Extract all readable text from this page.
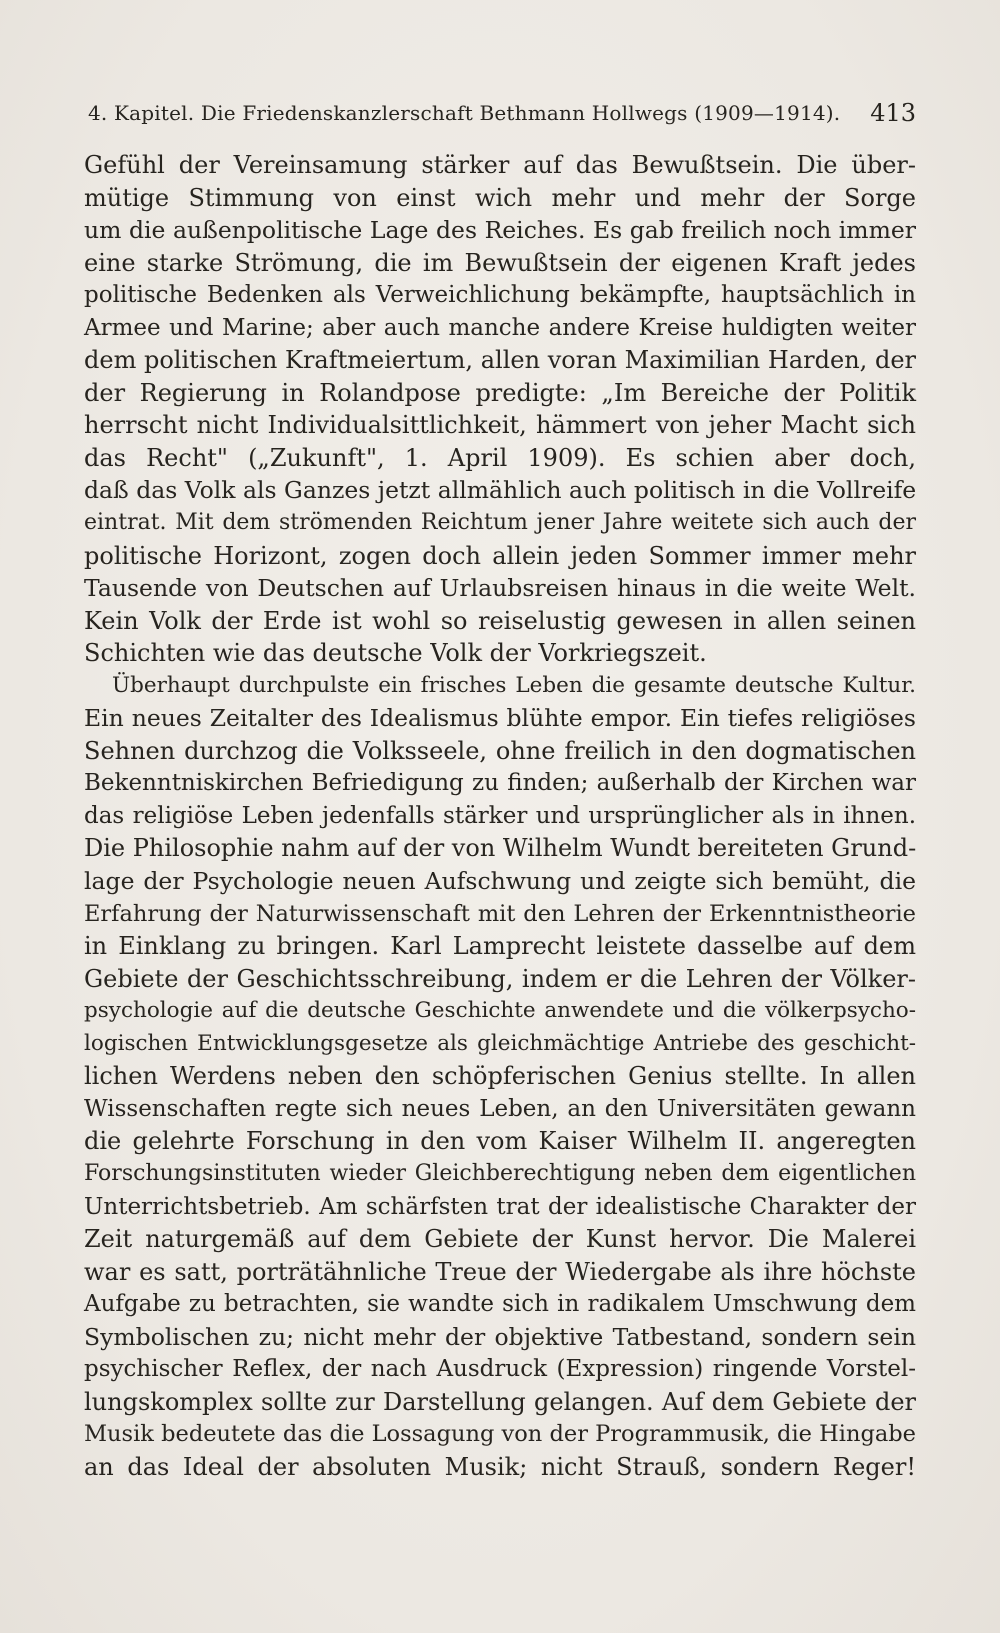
4. Kapitel. Die Friedenskanzlerschaft Bethmann Hollwegs (1909—1914). 413
Gefühl der Vereinsamung stärker auf das Bewußtsein. Die über-
mütige Stimmung von einst wich mehr und mehr der Sorge
um die außenpolitische Lage des Reiches. Es gab freilich noch immer
eine starke Strömung, die im Bewußtsein der eigenen Kraft jedes
politische Bedenken als Verweichlichung bekämpfte, hauptsächlich in
Armee und Marine; aber auch manche andere Kreise huldigten weiter
dem politischen Kraftmeiertum, allen voran Maximilian Harden, der
der Regierung in Rolandpose predigte: „Im Bereiche der Politik
herrscht nicht Individualsittlichkeit, hämmert von jeher Macht sich
das Recht" („Zukunft", 1. April 1909). Es schien aber doch,
daß das Volk als Ganzes jetzt allmählich auch politisch in die Vollreife
eintrat. Mit dem strömenden Reichtum jener Jahre weitete sich auch der
politische Horizont, zogen doch allein jeden Sommer immer mehr
Tausende von Deutschen auf Urlaubsreisen hinaus in die weite Welt.
Kein Volk der Erde ist wohl so reiselustig gewesen in allen seinen
Schichten wie das deutsche Volk der Vorkriegszeit.
Überhaupt durchpulste ein frisches Leben die gesamte deutsche Kultur.
Ein neues Zeitalter des Idealismus blühte empor. Ein tiefes religiöses
Sehnen durchzog die Volksseele, ohne freilich in den dogmatischen
Bekenntniskirchen Befriedigung zu finden; außerhalb der Kirchen war
das religiöse Leben jedenfalls stärker und ursprünglicher als in ihnen.
Die Philosophie nahm auf der von Wilhelm Wundt bereiteten Grund-
lage der Psychologie neuen Aufschwung und zeigte sich bemüht, die
Erfahrung der Naturwissenschaft mit den Lehren der Erkenntnistheorie
in Einklang zu bringen. Karl Lamprecht leistete dasselbe auf dem
Gebiete der Geschichtsschreibung, indem er die Lehren der Völker-
psychologie auf die deutsche Geschichte anwendete und die völkerpsycho-
logischen Entwicklungsgesetze als gleichmächtige Antriebe des geschicht-
lichen Werdens neben den schöpferischen Genius stellte. In allen
Wissenschaften regte sich neues Leben, an den Universitäten gewann
die gelehrte Forschung in den vom Kaiser Wilhelm II. angeregten
Forschungsinstituten wieder Gleichberechtigung neben dem eigentlichen
Unterrichtsbetrieb. Am schärfsten trat der idealistische Charakter der
Zeit naturgemäß auf dem Gebiete der Kunst hervor. Die Malerei
war es satt, porträtähnliche Treue der Wiedergabe als ihre höchste
Aufgabe zu betrachten, sie wandte sich in radikalem Umschwung dem
Symbolischen zu; nicht mehr der objektive Tatbestand, sondern sein
psychischer Reflex, der nach Ausdruck (Expression) ringende Vorstel-
lungskomplex sollte zur Darstellung gelangen. Auf dem Gebiete der
Musik bedeutete das die Lossagung von der Programmusik, die Hingabe
an das Ideal der absoluten Musik; nicht Strauß, sondern Reger!
